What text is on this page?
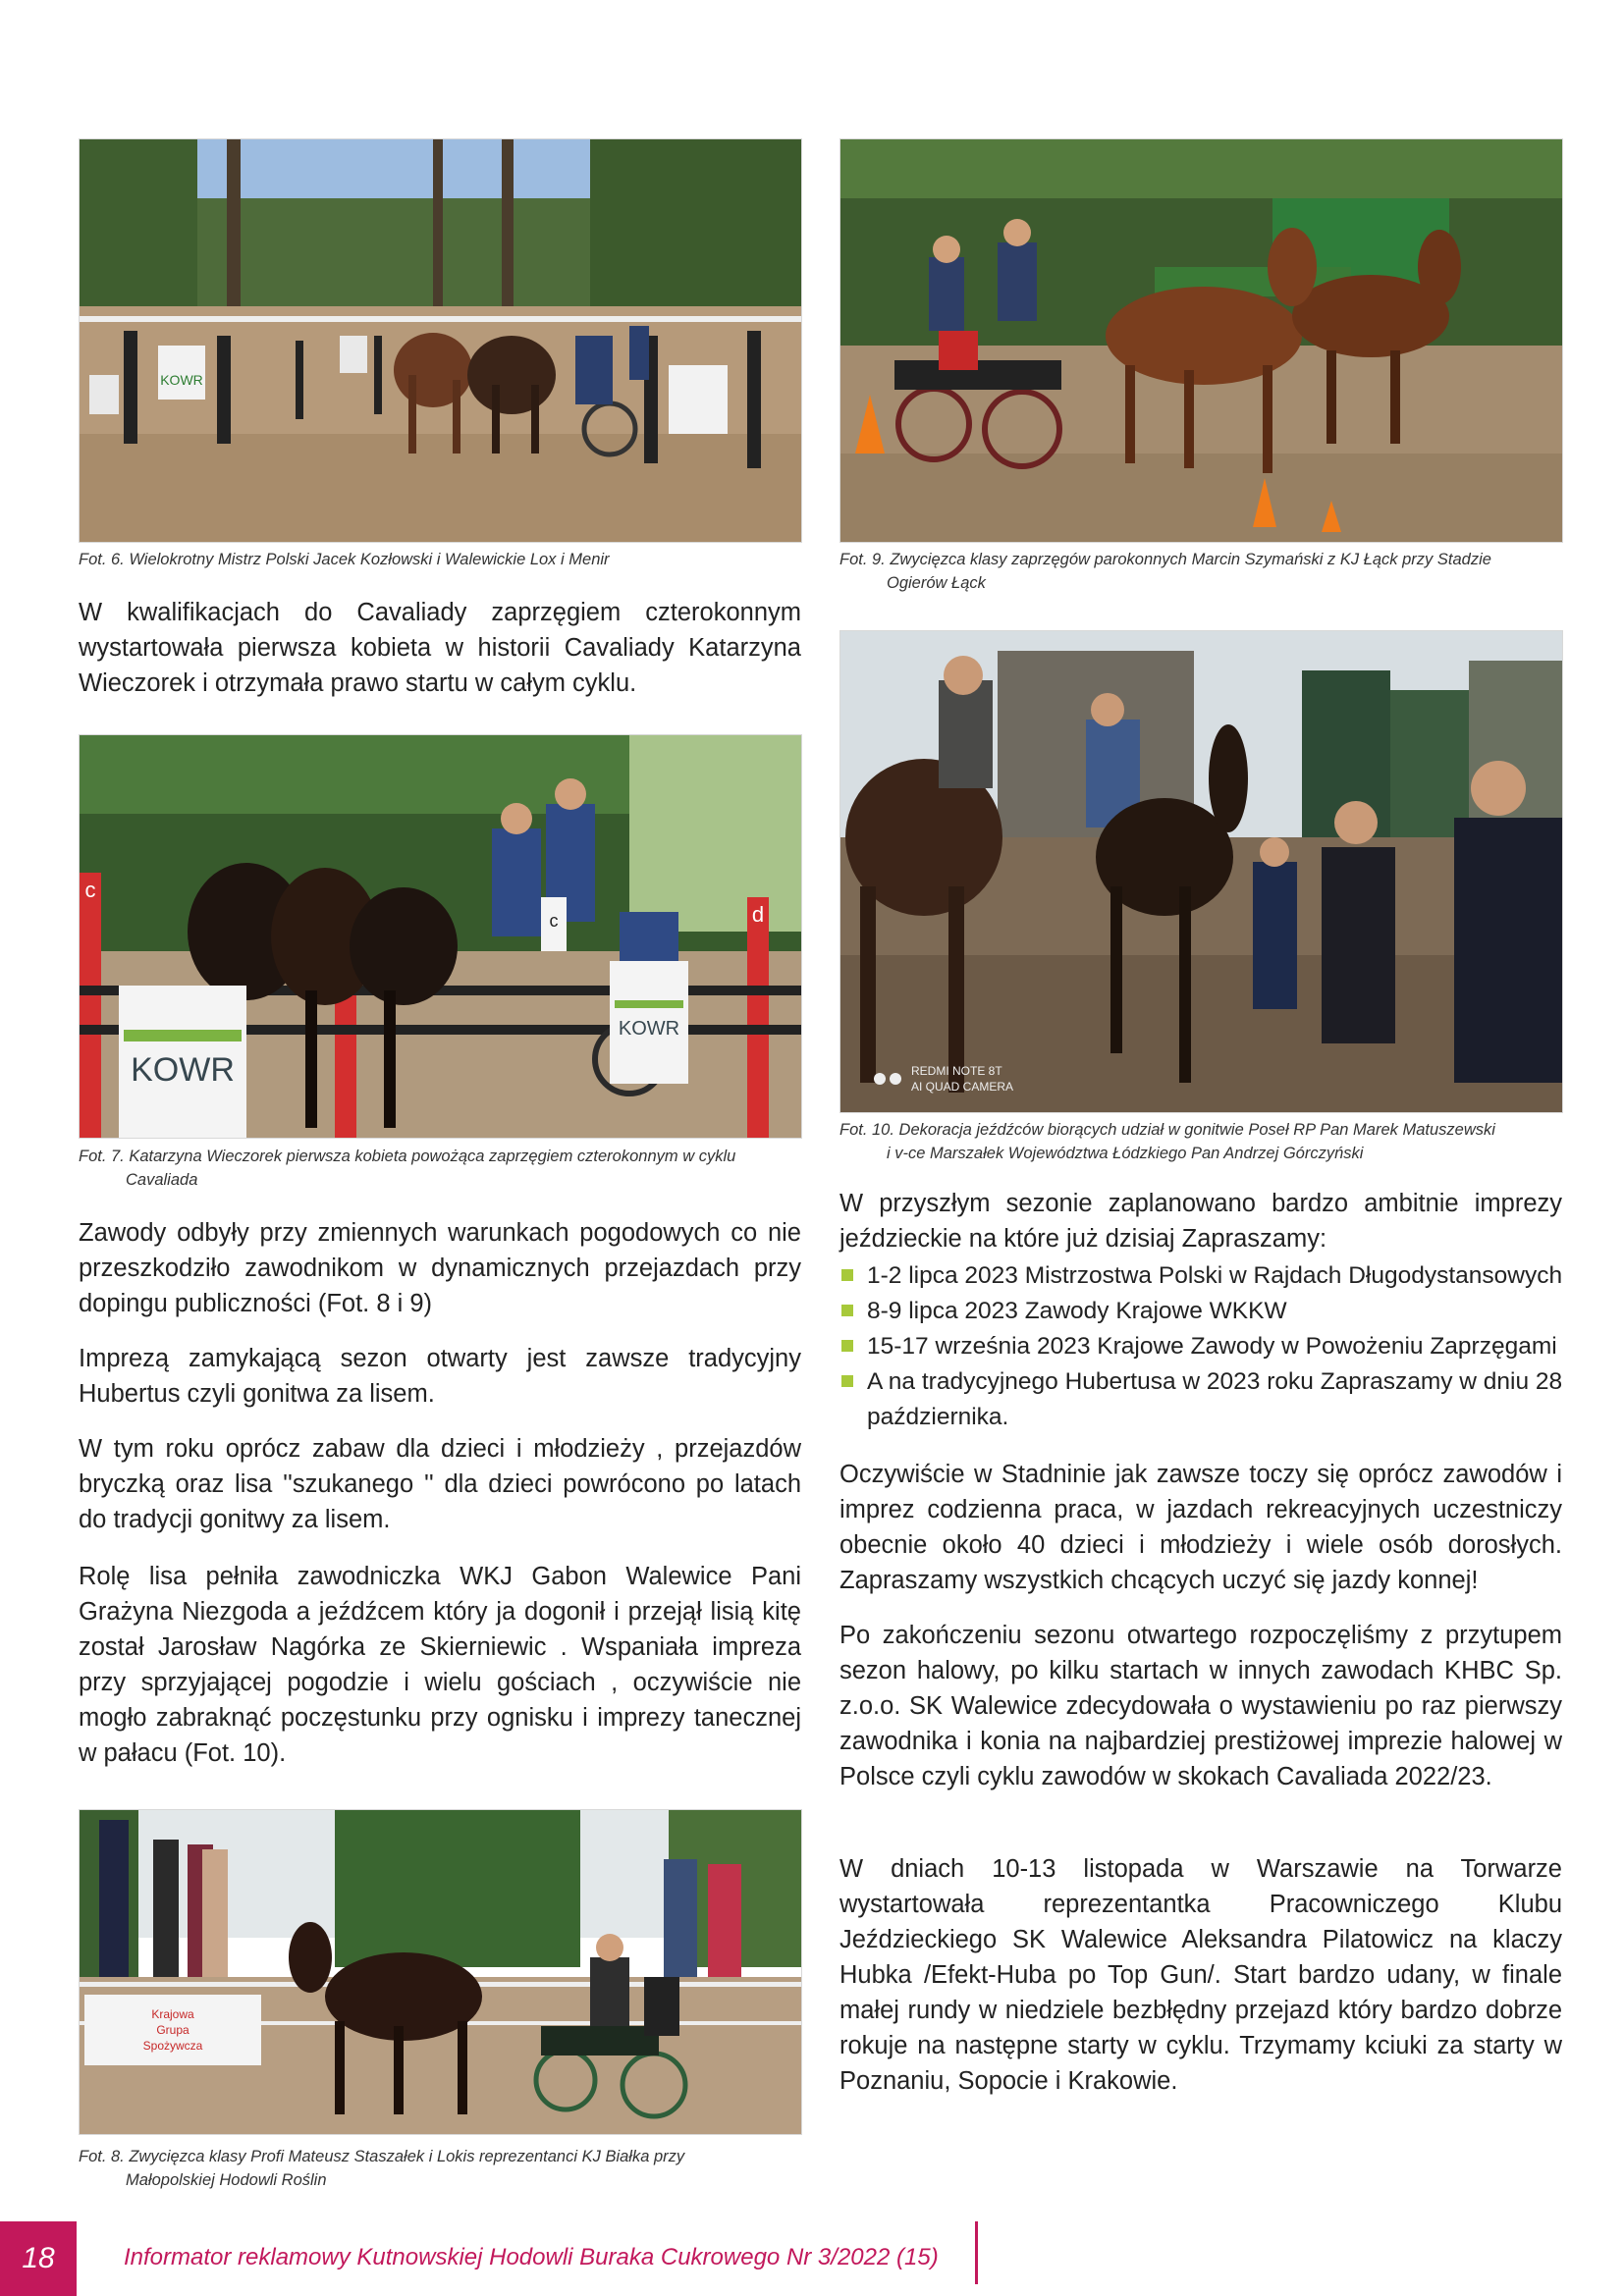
KOWR
Fot. 6. Wielokrotny Mistrz Polski Jacek Kozłowski i Walewickie Lox i Menir	Fot. 9. Zwycięzca klasy zaprzęgów parokonnych Marcin Szymański z KJ Łąck przy Stadzie
Ogierów Łąck

W kwalifikacjach do Cavaliady zaprzęgiem czterokonnym wystartowała pierwsza kobieta w historii Cavaliady Katarzyna Wieczorek i otrzymała prawo startu w całym cyklu.

REDMI NOTE 8T
AI QUAD CAMERA
Fot. 10. Dekoracja jeźdźców biorących udział w gonitwie Poseł RP Pan Marek Matuszewski
i v-ce Marszałek Województwa Łódzkiego Pan Andrzej Górczyński
c
d
KOWR
KOWR
c
Fot. 7. Katarzyna Wieczorek pierwsza kobieta powożąca zaprzęgiem czterokonnym w cyklu
Cavaliada

Zawody odbyły przy zmiennych warunkach pogodowych co nie przeszkodziło zawodnikom w dynamicznych przejazdach przy dopingu publiczności (Fot. 8 i 9)

Imprezą zamykającą sezon otwarty jest zawsze tradycyjny Hubertus czyli gonitwa za lisem.

W tym roku oprócz zabaw dla dzieci i młodzieży , przejazdów bryczką oraz lisa ''szukanego '' dla dzieci powrócono po latach do tradycji gonitwy za lisem.

Rolę lisa pełniła zawodniczka WKJ Gabon Walewice Pani Grażyna Niezgoda a jeźdźcem który ja dogonił i przejął lisią kitę został Jarosław Nagórka ze Skierniewic . Wspaniała impreza przy sprzyjającej pogodzie i wielu gościach , oczywiście nie mogło zabraknąć poczęstunku przy ognisku i imprezy tanecznej w pałacu (Fot. 10).

W przyszłym sezonie zaplanowano bardzo ambitnie imprezy jeździeckie na które już dzisiaj Zapraszamy:

1-2 lipca 2023 Mistrzostwa Polski w Rajdach Długodystansowych
8-9 lipca 2023 Zawody Krajowe WKKW
15-17 września 2023 Krajowe Zawody w Powożeniu Zaprzęgami
A na tradycyjnego Hubertusa w 2023 roku Zapraszamy w dniu 28 października.

Oczywiście w Stadninie jak zawsze toczy się oprócz zawodów i imprez codzienna praca, w jazdach rekreacyjnych uczestniczy obecnie około 40 dzieci i młodzieży i wiele osób dorosłych. Zapraszamy wszystkich chcących uczyć się jazdy konnej!

Po zakończeniu sezonu otwartego rozpoczęliśmy z przytupem sezon halowy, po kilku startach w innych zawodach KHBC Sp. z.o.o. SK Walewice zdecydowała o wystawieniu po raz pierwszy zawodnika i konia na najbardziej prestiżowej imprezie halowej w Polsce czyli cyklu zawodów w skokach Cavaliada 2022/23.

W dniach 10-13 listopada w Warszawie na Torwarze wystartowała reprezentantka Pracowniczego Klubu Jeździeckiego SK Walewice Aleksandra Pilatowicz na klaczy Hubka /Efekt-Huba po Top Gun/. Start bardzo udany, w finale małej rundy w niedziele bezbłędny przejazd który bardzo dobrze rokuje na następne starty w cyklu. Trzymamy kciuki za starty w Poznaniu, Sopocie i Krakowie.

Krajowa
Grupa
Spożywcza
Fot. 8. Zwycięzca klasy Profi Mateusz Staszałek i Lokis reprezentanci KJ Białka przy
Małopolskiej Hodowli Roślin
18	Informator reklamowy Kutnowskiej Hodowli Buraka Cukrowego Nr 3/2022 (15)
